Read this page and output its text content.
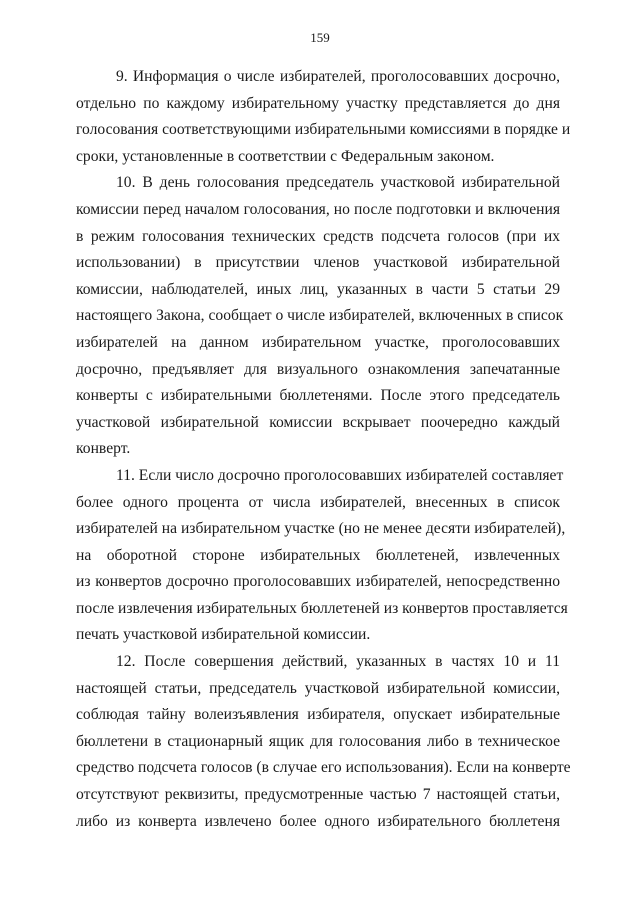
159
9. Информация о числе избирателей, проголосовавших досрочно,
отдельно по каждому избирательному участку представляется до дня
голосования соответствующими избирательными комиссиями в порядке и
сроки, установленные в соответствии с Федеральным законом.
10. В день голосования председатель участковой избирательной
комиссии перед началом голосования, но после подготовки и включения
в режим голосования технических средств подсчета голосов (при их
использовании) в присутствии членов участковой избирательной
комиссии, наблюдателей, иных лиц, указанных в части 5 статьи 29
настоящего Закона, сообщает о числе избирателей, включенных в список
избирателей на данном избирательном участке, проголосовавших
досрочно, предъявляет для визуального ознакомления запечатанные
конверты с избирательными бюллетенями. После этого председатель
участковой избирательной комиссии вскрывает поочередно каждый
конверт.
11. Если число досрочно проголосовавших избирателей составляет
более одного процента от числа избирателей, внесенных в список
избирателей на избирательном участке (но не менее десяти избирателей),
на оборотной стороне избирательных бюллетеней, извлеченных
из конвертов досрочно проголосовавших избирателей, непосредственно
после извлечения избирательных бюллетеней из конвертов проставляется
печать участковой избирательной комиссии.
12. После совершения действий, указанных в частях 10 и 11
настоящей статьи, председатель участковой избирательной комиссии,
соблюдая тайну волеизъявления избирателя, опускает избирательные
бюллетени в стационарный ящик для голосования либо в техническое
средство подсчета голосов (в случае его использования). Если на конверте
отсутствуют реквизиты, предусмотренные частью 7 настоящей статьи,
либо из конверта извлечено более одного избирательного бюллетеня
